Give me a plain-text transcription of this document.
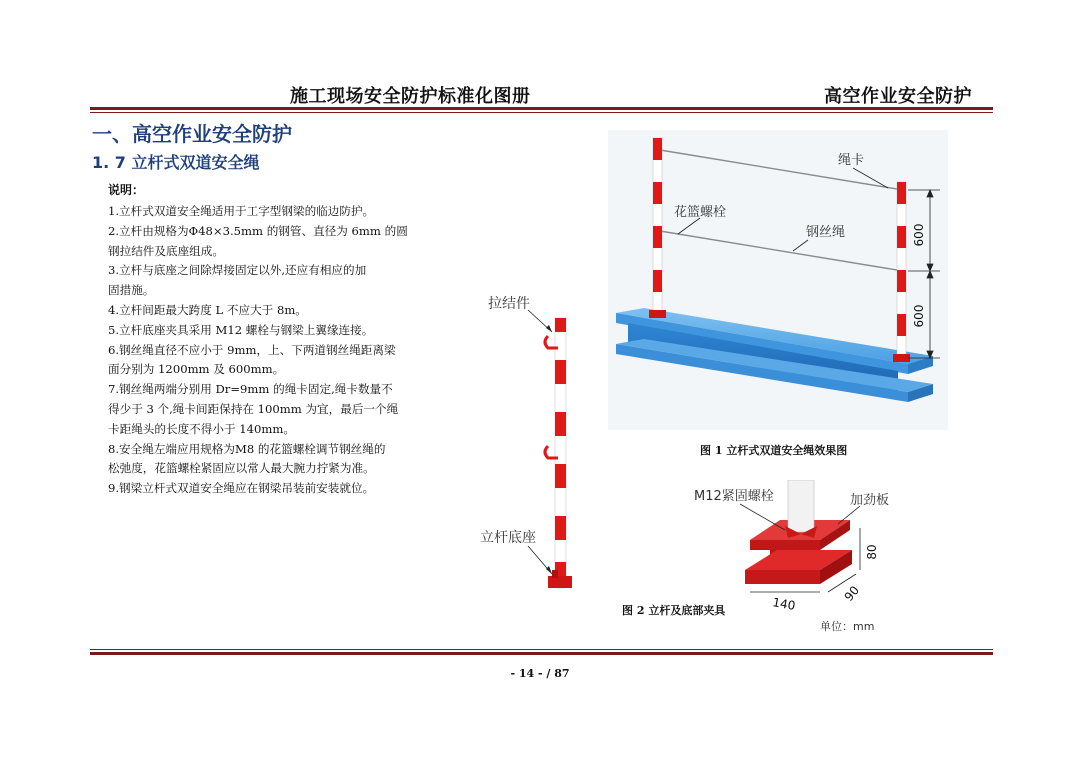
施工现场安全防护标准化图册	高空作业安全防护
一、高空作业安全防护
1. 7 立杆式双道安全绳
说明：
1.立杆式双道安全绳适用于工字型钢梁的临边防护。
2.立杆由规格为Φ48×3.5mm 的钢管、直径为 6mm 的圆
钢拉结件及底座组成。
3.立杆与底座之间除焊接固定以外,还应有相应的加
固措施。
4.立杆间距最大跨度 L 不应大于 8m。
5.立杆底座夹具采用 M12 螺栓与钢梁上翼缘连接。
6.钢丝绳直径不应小于 9mm，上、下两道钢丝绳距离梁
面分别为 1200mm 及 600mm。
7.钢丝绳两端分别用 Dr=9mm 的绳卡固定,绳卡数量不
得少于 3 个,绳卡间距保持在 100mm 为宜，最后一个绳
卡距绳头的长度不得小于 140mm。
8.安全绳左端应用规格为M8 的花篮螺栓调节钢丝绳的
松弛度，花篮螺栓紧固应以常人最大腕力拧紧为准。
9.钢梁立杆式双道安全绳应在钢梁吊装前安装就位。
600
600
绳卡
花篮螺栓
钢丝绳
图 1 立杆式双道安全绳效果图
拉结件
立杆底座
80
140
90
M12紧固螺栓	加劲板
单位：mm
图 2 立杆及底部夹具
- 14 - / 87
